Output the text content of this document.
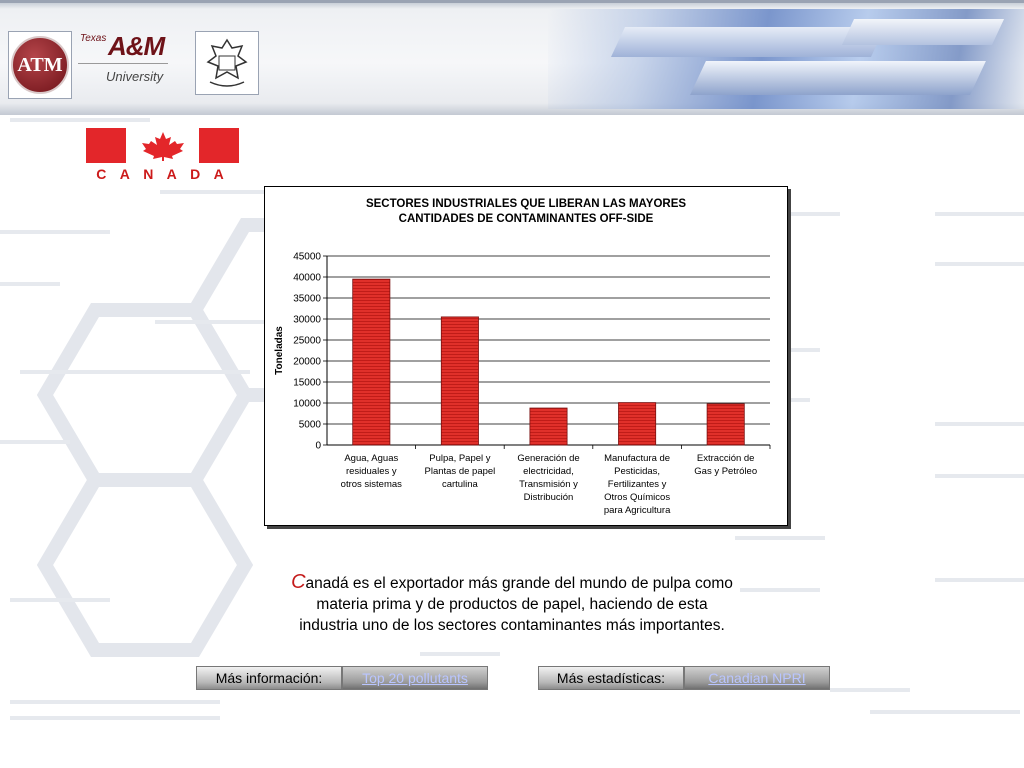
ATM
Texas A&M
University
C A N A D A
SECTORES INDUSTRIALES QUE LIBERAN LAS MAYORES
CANTIDADES DE CONTAMINANTES OFF-SIDE
0
5000
10000
15000
20000
25000
30000
35000
40000
45000
Toneladas
Agua, Aguas residuales y otros sistemas
Pulpa, Papel y Plantas de papel cartulina
Generación de electricidad, Transmisión y Distribución
Manufactura de Pesticidas, Fertilizantes y Otros Químicos para Agricultura
Extracción de Gas y Petróleo
Canadá es el exportador más grande del mundo de pulpa como
materia prima y de productos de papel, haciendo de esta
industria uno de los sectores contaminantes más importantes.
Más información:	Top 20 pollutants	Más estadísticas:	Canadian NPRI
